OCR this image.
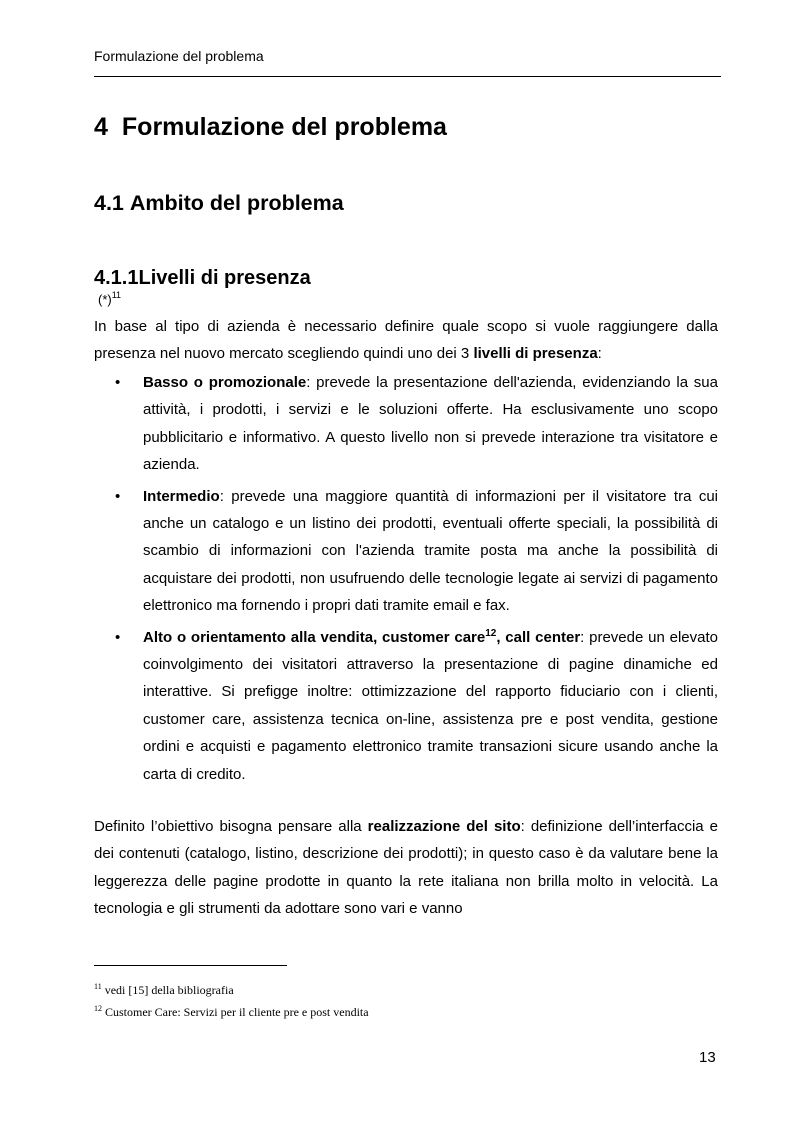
Formulazione del problema
4 Formulazione del problema
4.1 Ambito del problema
4.1.1Livelli di presenza
$(*)^{11}$

In base al tipo di azienda è necessario definire quale scopo si vuole raggiungere dalla presenza nel nuovo mercato scegliendo quindi uno dei 3 livelli di presenza:

• Basso o promozionale: prevede la presentazione dell'azienda, evidenziando la sua attività, i prodotti, i servizi e le soluzioni offerte. Ha esclusivamente uno scopo pubblicitario e informativo. A questo livello non si prevede interazione tra visitatore e azienda.
• Intermedio: prevede una maggiore quantità di informazioni per il visitatore tra cui anche un catalogo e un listino dei prodotti, eventuali offerte speciali, la possibilità di scambio di informazioni con l'azienda tramite posta ma anche la possibilità di acquistare dei prodotti, non usufruendo delle tecnologie legate ai servizi di pagamento elettronico ma fornendo i propri dati tramite email e fax.
• Alto o orientamento alla vendita, customer care$^{12}$, call center: prevede un elevato coinvolgimento dei visitatori attraverso la presentazione di pagine dinamiche ed interattive. Si prefigge inoltre: ottimizzazione del rapporto fiduciario con i clienti, customer care, assistenza tecnica on-line, assistenza pre e post vendita, gestione ordini e acquisti e pagamento elettronico tramite transazioni sicure usando anche la carta di credito.

Definito l’obiettivo bisogna pensare alla realizzazione del sito: definizione dell’interfaccia e dei contenuti (catalogo, listino, descrizione dei prodotti); in questo caso è da valutare bene la leggerezza delle pagine prodotte in quanto la rete italiana non brilla molto in velocità. La tecnologia e gli strumenti da adottare sono vari e vanno

$^{11}$ vedi [15] della bibliografia
$^{12}$ Customer Care: Servizi per il cliente pre e post vendita
13
